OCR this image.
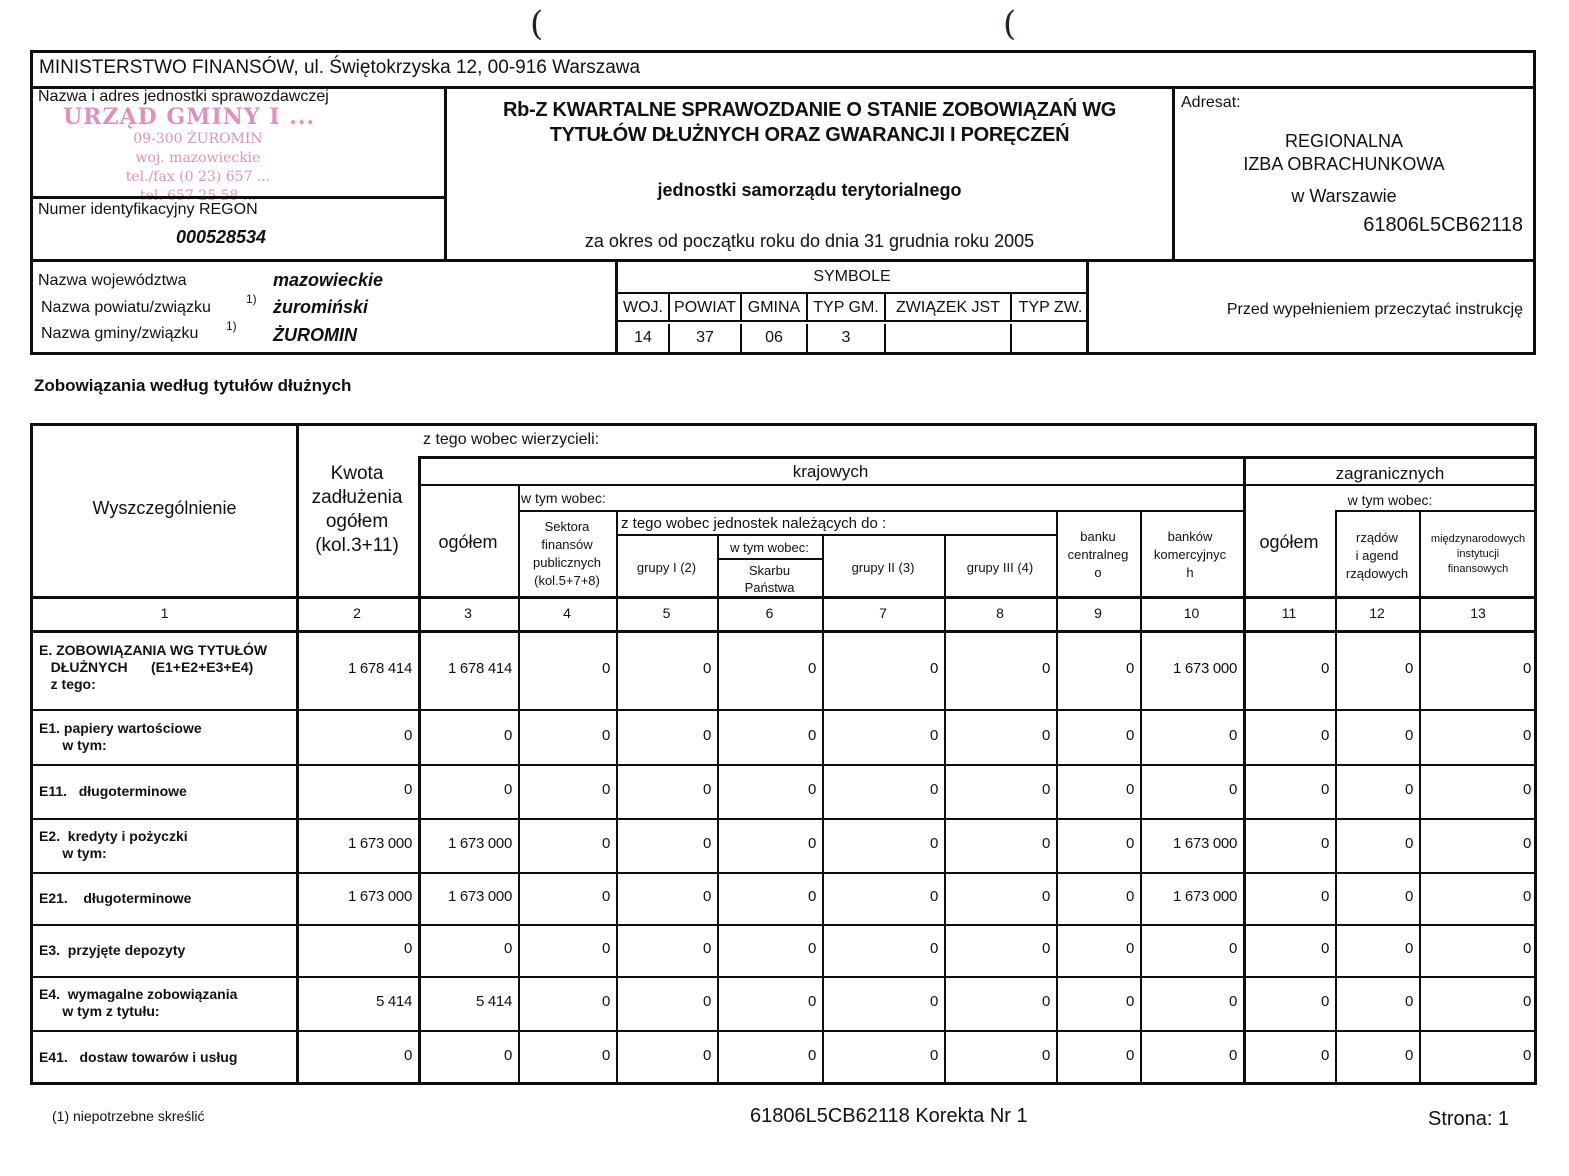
(	(
MINISTERSTWO FINANSÓW, ul. Świętokrzyska 12, 00-916 Warszawa
Nazwa i adres jednostki sprawozdawczej
URZĄD GMINY I ...
09-300 ŻUROMIN
woj. mazowieckie
tel./fax (0 23) 657 ...
tel. 657 25 58 ...
Numer identyfikacyjny REGON
000528534
Rb-Z KWARTALNE SPRAWOZDANIE O STANIE ZOBOWIĄZAŃ WG
TYTUŁÓW DŁUŻNYCH ORAZ GWARANCJI I PORĘCZEŃ
jednostki samorządu terytorialnego
za okres od początku roku do dnia 31 grudnia roku 2005
Adresat:
REGIONALNA
IZBA OBRACHUNKOWA
w Warszawie
61806L5CB62118
Nazwa województwa	mazowieckie
Nazwa powiatu/związku	1) żuromiński
Nazwa gminy/związku 1) ŻUROMIN
SYMBOLE
WOJ. POWIAT GMINA TYP GM.	ZWIĄZEK JST	TYP ZW.
14	37	06	3
Przed wypełnieniem przeczytać instrukcję
Zobowiązania według tytułów dłużnych
Wyszczególnienie
Kwota
zadłużenia
ogółem
(kol.3+11)
z tego wobec wierzycieli:
krajowych	zagranicznych
w tym wobec:
ogółem
Sektora
finansów
publicznych
(kol.5+7+8)
z tego wobec jednostek należących do :
grupy I (2)
w tym wobec:
Skarbu
Państwa
grupy II (3)	grupy III (4)
banku
centralneg
o
banków
komercyjnyc
h
ogółem
w tym wobec:
rządów
i agend
rządowych
międzynarodowych
instytucji
finansowych
1	2	3	4	5	6	7	8	9	10	11	12	13
E. ZOBOWIĄZANIA WG TYTUŁÓW
DŁUŻNYCH      (E1+E2+E3+E4)
z tego:
1 678 414	1 678 414	0	0	0	0	0	0	1 673 000	0	0	0
E1. papiery wartościowe
w tym:
0	0	0	0	0	0	0	0	0	0	0	0
E11.   długoterminowe	0	0	0	0	0	0	0	0	0	0	0	0
E2.  kredyty i pożyczki
w tym:
1 673 000	1 673 000	0	0	0	0	0	0	1 673 000	0	0	0
E21.    długoterminowe	1 673 000	1 673 000	0	0	0	0	0	0	1 673 000	0	0	0
E3.  przyjęte depozyty	0	0	0	0	0	0	0	0	0	0	0	0
E4.  wymagalne zobowiązania
w tym z tytułu:
5 414	5 414	0	0	0	0	0	0	0	0	0	0
E41.   dostaw towarów i usług	0	0	0	0	0	0	0	0	0	0	0	0
(1) niepotrzebne skreślić	61806L5CB62118 Korekta Nr 1	Strona: 1
